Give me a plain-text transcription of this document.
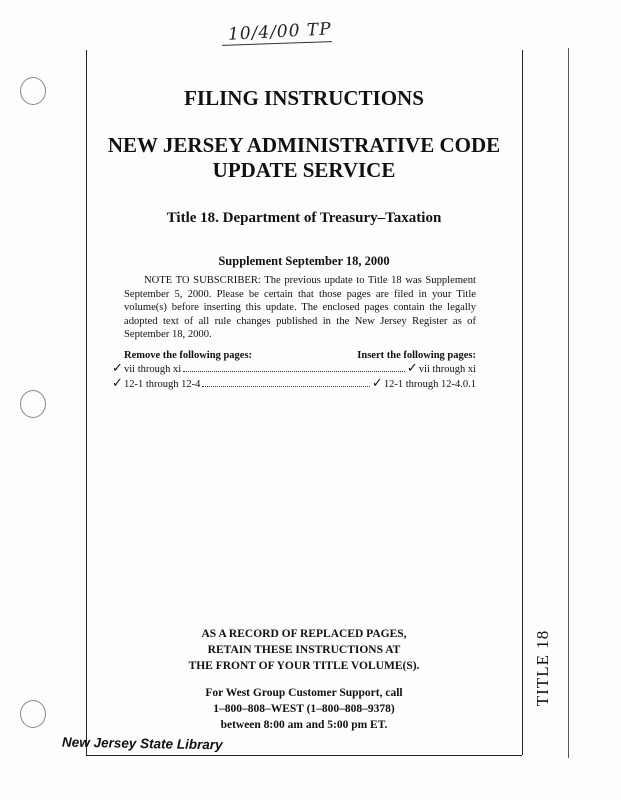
10/4/00 TP
FILING INSTRUCTIONS
NEW JERSEY ADMINISTRATIVE CODE
UPDATE SERVICE
Title 18. Department of Treasury–Taxation
Supplement September 18, 2000
NOTE TO SUBSCRIBER: The previous update to Title 18 was Supplement September 5, 2000. Please be certain that those pages are filed in your Title volume(s) before inserting this update. The enclosed pages contain the legally adopted text of all rule changes published in the New Jersey Register as of September 18, 2000.
Remove the following pages:	Insert the following pages:
✓ vii through xi	✓ vii through xi
✓ 12-1 through 12-4	✓ 12-1 through 12-4.0.1
AS A RECORD OF REPLACED PAGES,
RETAIN THESE INSTRUCTIONS AT
THE FRONT OF YOUR TITLE VOLUME(S).
For West Group Customer Support, call
1–800–808–WEST (1–800–808–9378)
between 8:00 am and 5:00 pm ET.
TITLE 18
New Jersey State Library
